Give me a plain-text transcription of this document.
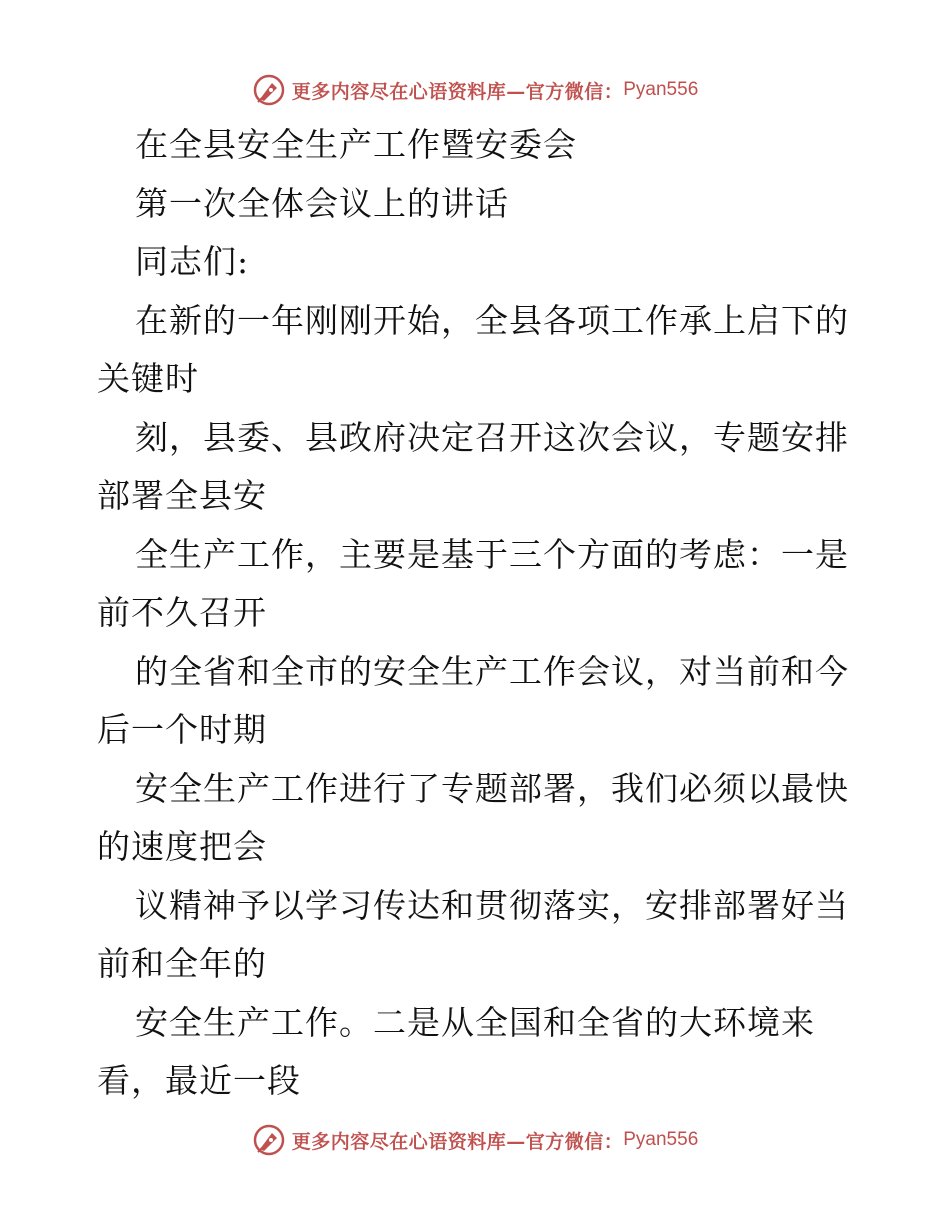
更多内容尽在心语资料库—官方微信： Pyan556
在全县安全生产工作暨安委会
第一次全体会议上的讲话
同志们:
在新的一年刚刚开始，全县各项工作承上启下的
关键时
刻，县委、县政府决定召开这次会议，专题安排
部署全县安
全生产工作，主要是基于三个方面的考虑：一是
前不久召开
的全省和全市的安全生产工作会议，对当前和今
后一个时期
安全生产工作进行了专题部署，我们必须以最快
的速度把会
议精神予以学习传达和贯彻落实，安排部署好当
前和全年的
安全生产工作。二是从全国和全省的大环境来
看，最近一段
更多内容尽在心语资料库—官方微信： Pyan556
